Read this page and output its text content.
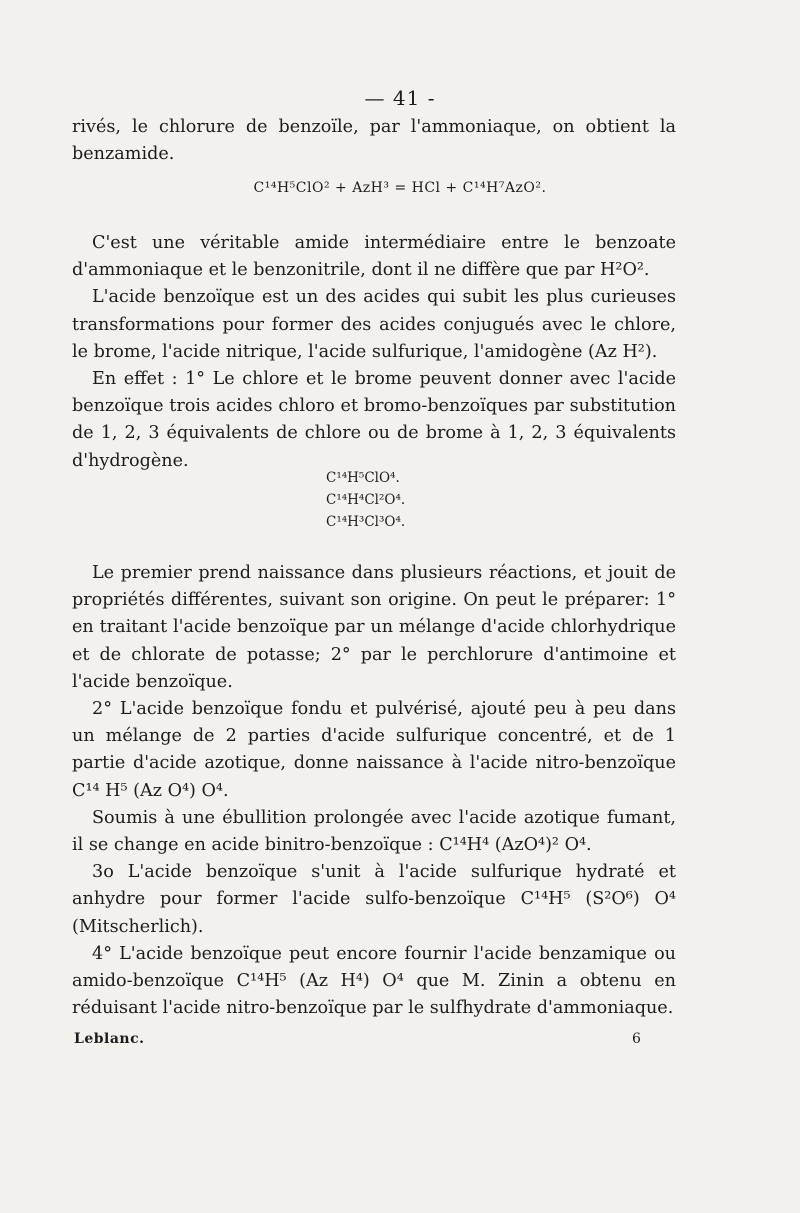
— 41 -

rivés, le chlorure de benzoïle, par l'ammoniaque, on obtient la benzamide.

C¹⁴H⁵ClO² + AzH³ = HCl + C¹⁴H⁷AzO².

C'est une véritable amide intermédiaire entre le benzoate d'ammoniaque et le benzonitrile, dont il ne diffère que par H²O².

L'acide benzoïque est un des acides qui subit les plus curieuses transformations pour former des acides conjugués avec le chlore, le brome, l'acide nitrique, l'acide sulfurique, l'amidogène (Az H²).

En effet : 1° Le chlore et le brome peuvent donner avec l'acide benzoïque trois acides chloro et bromo-benzoïques par substitution de 1, 2, 3 équivalents de chlore ou de brome à 1, 2, 3 équivalents d'hydrogène.

C¹⁴H⁵ClO⁴.
C¹⁴H⁴Cl²O⁴.
C¹⁴H³Cl³O⁴.

Le premier prend naissance dans plusieurs réactions, et jouit de propriétés différentes, suivant son origine. On peut le préparer: 1° en traitant l'acide benzoïque par un mélange d'acide chlorhydrique et de chlorate de potasse; 2° par le perchlorure d'antimoine et l'acide benzoïque.

2° L'acide benzoïque fondu et pulvérisé, ajouté peu à peu dans un mélange de 2 parties d'acide sulfurique concentré, et de 1 partie d'acide azotique, donne naissance à l'acide nitro-benzoïque C¹⁴ H⁵ (Az O⁴) O⁴.

Soumis à une ébullition prolongée avec l'acide azotique fumant, il se change en acide binitro-benzoïque : C¹⁴H⁴ (AzO⁴)² O⁴.

3o L'acide benzoïque s'unit à l'acide sulfurique hydraté et anhydre pour former l'acide sulfo-benzoïque C¹⁴H⁵ (S²O⁶) O⁴ (Mitscherlich).

4° L'acide benzoïque peut encore fournir l'acide benzamique ou amido-benzoïque C¹⁴H⁵ (Az H⁴) O⁴ que M. Zinin a obtenu en réduisant l'acide nitro-benzoïque par le sulfhydrate d'ammoniaque.

Leblanc.	6
